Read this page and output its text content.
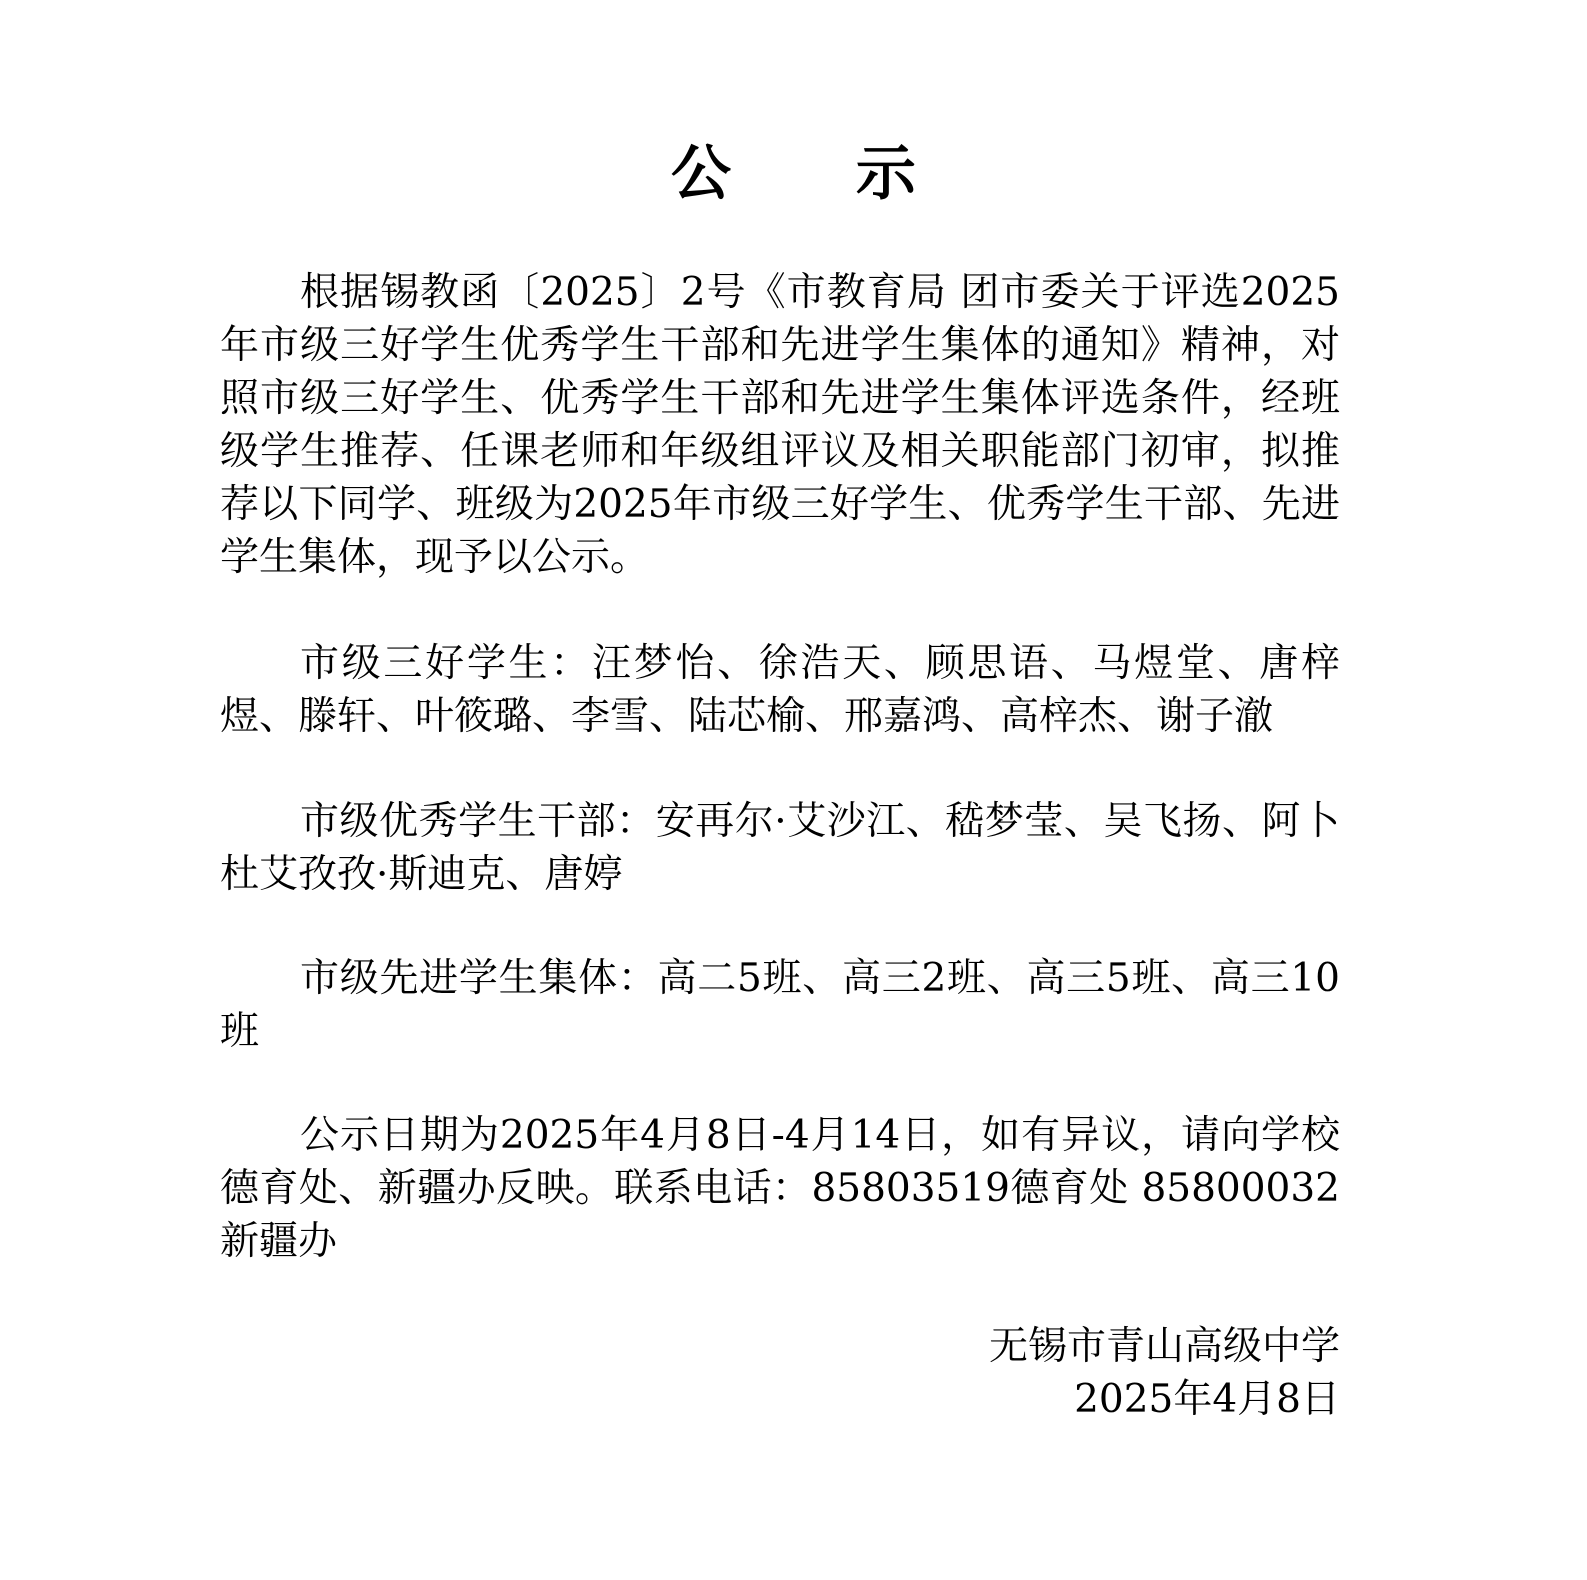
公 示

根据锡教函〔2025〕2号《市教育局 团市委关于评选2025年市级三好学生优秀学生干部和先进学生集体的通知》精神，对照市级三好学生、优秀学生干部和先进学生集体评选条件，经班级学生推荐、任课老师和年级组评议及相关职能部门初审，拟推荐以下同学、班级为2025年市级三好学生、优秀学生干部、先进学生集体，现予以公示。

市级三好学生：汪梦怡、徐浩天、顾思语、马煜堂、唐梓煜、滕轩、叶筱璐、李雪、陆芯榆、邢嘉鸿、高梓杰、谢子澈

市级优秀学生干部：安再尔·艾沙江、嵇梦莹、吴飞扬、阿卜杜艾孜孜·斯迪克、唐婷

市级先进学生集体：高二5班、高三2班、高三5班、高三10班

公示日期为2025年4月8日-4月14日，如有异议，请向学校德育处、新疆办反映。联系电话：85803519德育处 85800032新疆办

无锡市青山高级中学
2025年4月8日
